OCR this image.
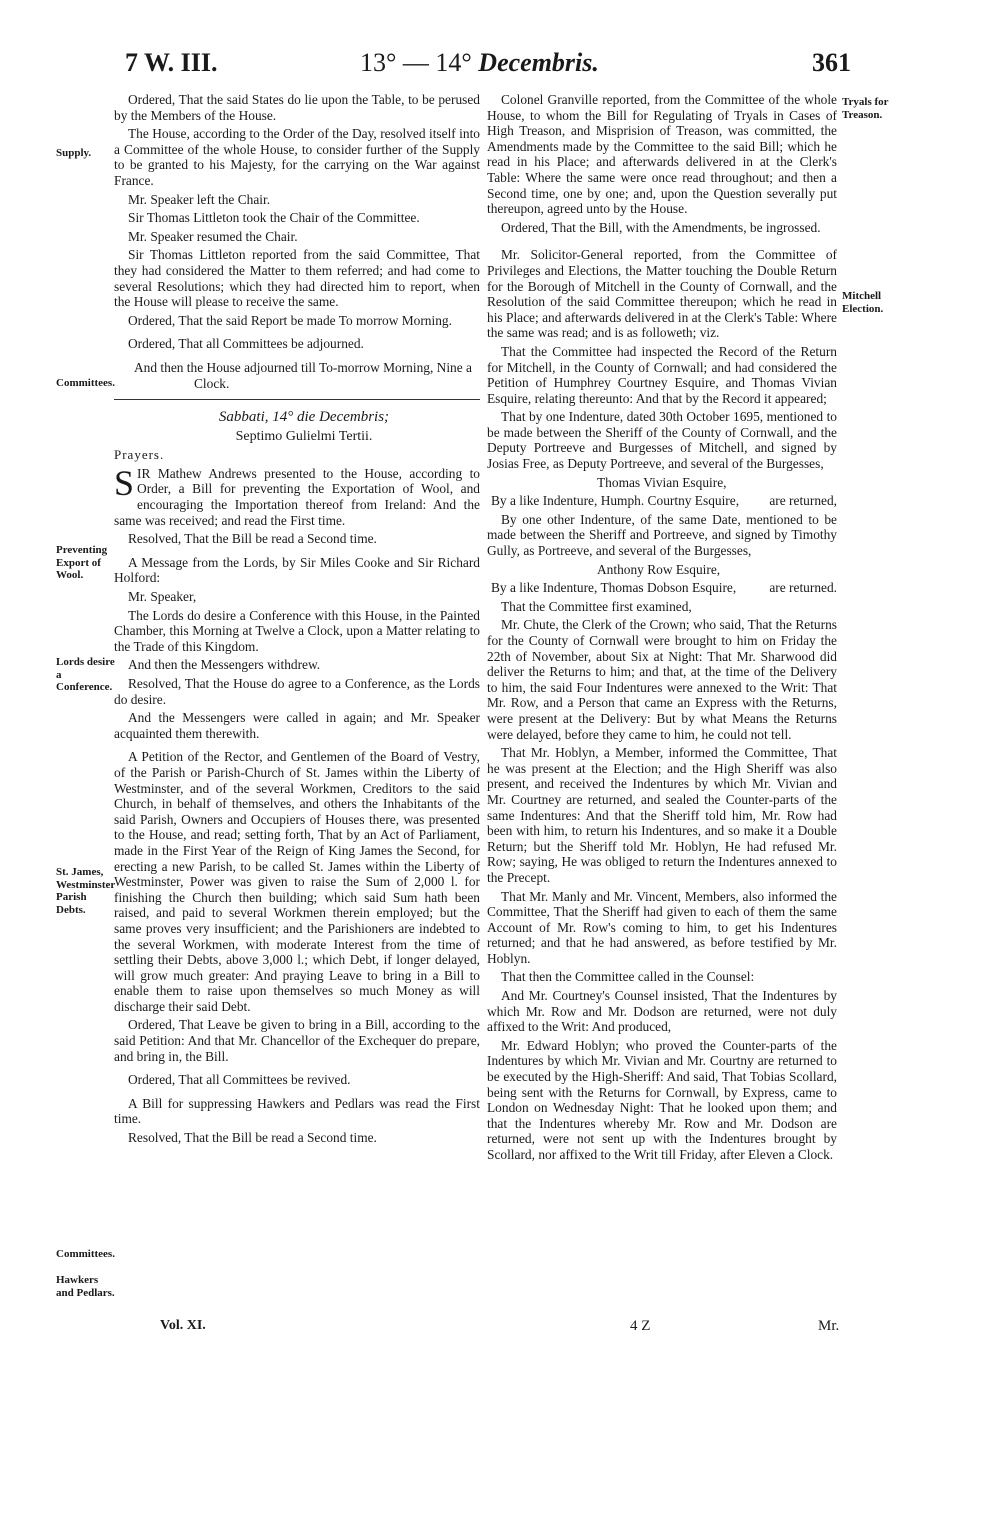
7 W. III.	13° — 14° Decembris.	361
Supply.
Committees.
Preventing Export of Wool.
Lords desire a Conference.
St. James, Westminster Parish Debts.
Committees.
Hawkers and Pedlars.
Tryals for Treason.
Mitchell Election.

Ordered, That the said States do lie upon the Table, to be perused by the Members of the House.

The House, according to the Order of the Day, resolved itself into a Committee of the whole House, to consider further of the Supply to be granted to his Majesty, for the carrying on the War against France.

Mr. Speaker left the Chair.

Sir Thomas Littleton took the Chair of the Committee.

Mr. Speaker resumed the Chair.

Sir Thomas Littleton reported from the said Committee, That they had considered the Matter to them referred; and had come to several Resolutions; which they had directed him to report, when the House will please to receive the same.

Ordered, That the said Report be made To morrow Morning.

Ordered, That all Committees be adjourned.

And then the House adjourned till To-morrow Morning, Nine a Clock.

Sabbati, 14° die Decembris;

Septimo Gulielmi Tertii.

Prayers.

SIR Mathew Andrews presented to the House, according to Order, a Bill for preventing the Exportation of Wool, and encouraging the Importation thereof from Ireland: And the same was received; and read the First time.

Resolved, That the Bill be read a Second time.

A Message from the Lords, by Sir Miles Cooke and Sir Richard Holford:

Mr. Speaker,

The Lords do desire a Conference with this House, in the Painted Chamber, this Morning at Twelve a Clock, upon a Matter relating to the Trade of this Kingdom.

And then the Messengers withdrew.

Resolved, That the House do agree to a Conference, as the Lords do desire.

And the Messengers were called in again; and Mr. Speaker acquainted them therewith.

A Petition of the Rector, and Gentlemen of the Board of Vestry, of the Parish or Parish-Church of St. James within the Liberty of Westminster, and of the several Workmen, Creditors to the said Church, in behalf of themselves, and others the Inhabitants of the said Parish, Owners and Occupiers of Houses there, was presented to the House, and read; setting forth, That by an Act of Parliament, made in the First Year of the Reign of King James the Second, for erecting a new Parish, to be called St. James within the Liberty of Westminster, Power was given to raise the Sum of 2,000 l. for finishing the Church then building; which said Sum hath been raised, and paid to several Workmen therein employed; but the same proves very insufficient; and the Parishioners are indebted to the several Workmen, with moderate Interest from the time of settling their Debts, above 3,000 l.; which Debt, if longer delayed, will grow much greater: And praying Leave to bring in a Bill to enable them to raise upon themselves so much Money as will discharge their said Debt.

Ordered, That Leave be given to bring in a Bill, according to the said Petition: And that Mr. Chancellor of the Exchequer do prepare, and bring in, the Bill.

Ordered, That all Committees be revived.

A Bill for suppressing Hawkers and Pedlars was read the First time.

Resolved, That the Bill be read a Second time.

Colonel Granville reported, from the Committee of the whole House, to whom the Bill for Regulating of Tryals in Cases of High Treason, and Misprision of Treason, was committed, the Amendments made by the Committee to the said Bill; which he read in his Place; and afterwards delivered in at the Clerk's Table: Where the same were once read throughout; and then a Second time, one by one; and, upon the Question severally put thereupon, agreed unto by the House.

Ordered, That the Bill, with the Amendments, be ingrossed.

Mr. Solicitor-General reported, from the Committee of Privileges and Elections, the Matter touching the Double Return for the Borough of Mitchell in the County of Cornwall, and the Resolution of the said Committee thereupon; which he read in his Place; and afterwards delivered in at the Clerk's Table: Where the same was read; and is as followeth; viz.

That the Committee had inspected the Record of the Return for Mitchell, in the County of Cornwall; and had considered the Petition of Humphrey Courtney Esquire, and Thomas Vivian Esquire, relating thereunto: And that by the Record it appeared;

That by one Indenture, dated 30th October 1695, mentioned to be made between the Sheriff of the County of Cornwall, and the Deputy Portreeve and Burgesses of Mitchell, and signed by Josias Free, as Deputy Portreeve, and several of the Burgesses,

Thomas Vivian Esquire,

By a like Indenture, Humph. Courtny Esquire, are returned,

By one other Indenture, of the same Date, mentioned to be made between the Sheriff and Portreeve, and signed by Timothy Gully, as Portreeve, and several of the Burgesses,

Anthony Row Esquire,

By a like Indenture, Thomas Dobson Esquire, are returned.

That the Committee first examined,

Mr. Chute, the Clerk of the Crown; who said, That the Returns for the County of Cornwall were brought to him on Friday the 22th of November, about Six at Night: That Mr. Sharwood did deliver the Returns to him; and that, at the time of the Delivery to him, the said Four Indentures were annexed to the Writ: That Mr. Row, and a Person that came an Express with the Returns, were present at the Delivery: But by what Means the Returns were delayed, before they came to him, he could not tell.

That Mr. Hoblyn, a Member, informed the Committee, That he was present at the Election; and the High Sheriff was also present, and received the Indentures by which Mr. Vivian and Mr. Courtney are returned, and sealed the Counter-parts of the same Indentures: And that the Sheriff told him, Mr. Row had been with him, to return his Indentures, and so make it a Double Return; but the Sheriff told Mr. Hoblyn, He had refused Mr. Row; saying, He was obliged to return the Indentures annexed to the Precept.

That Mr. Manly and Mr. Vincent, Members, also informed the Committee, That the Sheriff had given to each of them the same Account of Mr. Row's coming to him, to get his Indentures returned; and that he had answered, as before testified by Mr. Hoblyn.

That then the Committee called in the Counsel:

And Mr. Courtney's Counsel insisted, That the Indentures by which Mr. Row and Mr. Dodson are returned, were not duly affixed to the Writ: And produced,

Mr. Edward Hoblyn; who proved the Counter-parts of the Indentures by which Mr. Vivian and Mr. Courtny are returned to be executed by the High-Sheriff: And said, That Tobias Scollard, being sent with the Returns for Cornwall, by Express, came to London on Wednesday Night: That he looked upon them; and that the Indentures whereby Mr. Row and Mr. Dodson are returned, were not sent up with the Indentures brought by Scollard, nor affixed to the Writ till Friday, after Eleven a Clock.

Vol. XI.	4 Z	Mr.
